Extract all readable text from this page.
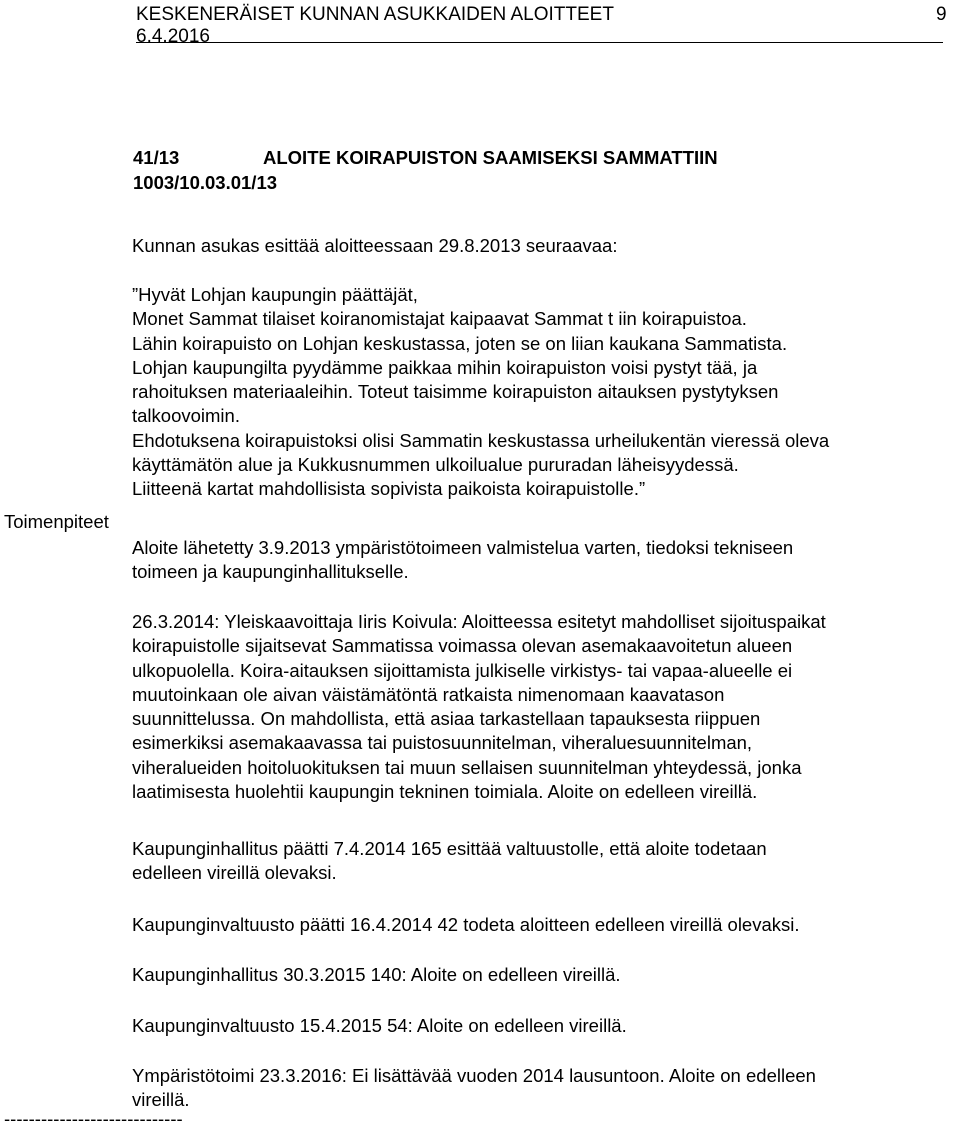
KESKENERÄISET KUNNAN ASUKKAIDEN ALOITTEET	9
6.4.2016
41/13	ALOITE KOIRAPUISTON SAAMISEKSI SAMMATTIIN
1003/10.03.01/13
Kunnan asukas esittää aloitteessaan 29.8.2013 seuraavaa:

”Hyvät Lohjan kaupungin päättäjät,

Monet Sammat tilaiset koiranomistajat kaipaavat Sammat t iin koirapuistoa.

Lähin koirapuisto on Lohjan keskustassa, joten se on liian kaukana Sammatista.

Lohjan kaupungilta pyydämme paikkaa mihin koirapuiston voisi pystyt tää, ja

rahoituksen materiaaleihin. Toteut taisimme koirapuiston aitauksen pystytyksen

talkoovoimin.

Ehdotuksena koirapuistoksi olisi Sammatin keskustassa urheilukentän vieressä oleva

käyttämätön alue ja Kukkusnummen ulkoilualue pururadan läheisyydessä.

Liitteenä kartat mahdollisista sopivista paikoista koirapuistolle.”

Toimenpiteet

Aloite lähetetty 3.9.2013 ympäristötoimeen valmistelua varten, tiedoksi tekniseen

toimeen ja kaupunginhallitukselle.

26.3.2014: Yleiskaavoittaja Iiris Koivula: Aloitteessa esitetyt mahdolliset sijoituspaikat

koirapuistolle sijaitsevat Sammatissa voimassa olevan asemakaavoitetun alueen

ulkopuolella. Koira-aitauksen sijoittamista julkiselle virkistys- tai vapaa-alueelle ei

muutoinkaan ole aivan väistämätöntä ratkaista nimenomaan kaavatason

suunnittelussa. On mahdollista, että asiaa tarkastellaan tapauksesta riippuen

esimerkiksi asemakaavassa tai puistosuunnitelman, viheraluesuunnitelman,

viheralueiden hoitoluokituksen tai muun sellaisen suunnitelman yhteydessä, jonka

laatimisesta huolehtii kaupungin tekninen toimiala. Aloite on edelleen vireillä.

Kaupunginhallitus päätti 7.4.2014 165 esittää valtuustolle, että aloite todetaan

edelleen vireillä olevaksi.

Kaupunginvaltuusto päätti 16.4.2014 42 todeta aloitteen edelleen vireillä olevaksi.

Kaupunginhallitus 30.3.2015 140: Aloite on edelleen vireillä.

Kaupunginvaltuusto 15.4.2015 54: Aloite on edelleen vireillä.

Ympäristötoimi 23.3.2016: Ei lisättävää vuoden 2014 lausuntoon. Aloite on edelleen

vireillä.

-----------------------------
